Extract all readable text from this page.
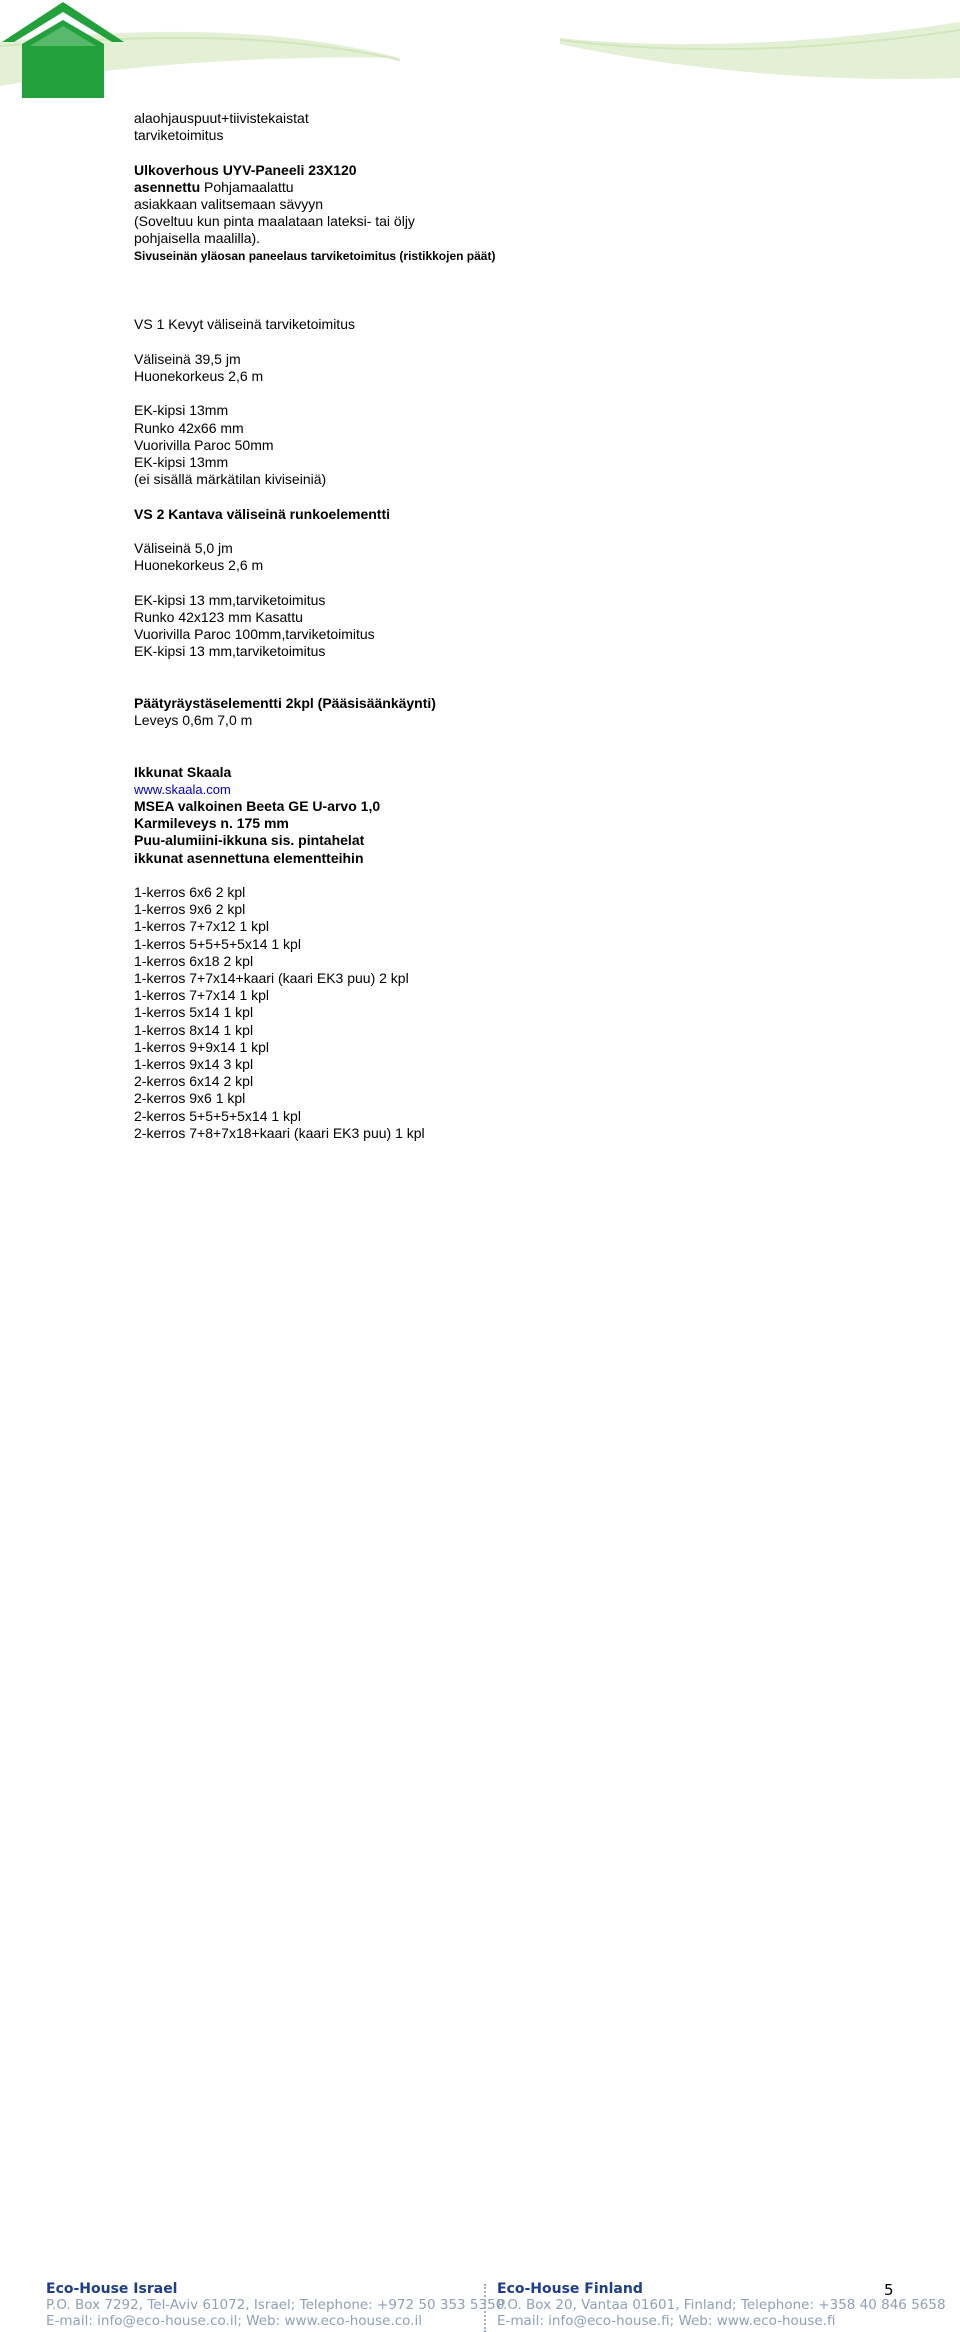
ECO
HOUSE
alaohjauspuut+tiivistekaistat
tarviketoimitus
Ulkoverhous UYV-Paneeli 23X120
asennettu Pohjamaalattu
asiakkaan valitsemaan sävyyn
(Soveltuu kun pinta maalataan lateksi- tai öljy
pohjaisella maalilla).
Sivuseinän yläosan paneelaus tarviketoimitus (ristikkojen päät)
VS 1 Kevyt väliseinä tarviketoimitus
Väliseinä 39,5 jm
Huonekorkeus 2,6 m
EK-kipsi 13mm
Runko 42x66 mm
Vuorivilla Paroc 50mm
EK-kipsi 13mm
(ei sisällä märkätilan kiviseiniä)
VS 2 Kantava väliseinä runkoelementti
Väliseinä 5,0 jm
Huonekorkeus 2,6 m
EK-kipsi 13 mm,tarviketoimitus
Runko 42x123 mm Kasattu
Vuorivilla Paroc 100mm,tarviketoimitus
EK-kipsi 13 mm,tarviketoimitus
Päätyräystäselementti 2kpl (Pääsisäänkäynti)
Leveys 0,6m 7,0 m
Ikkunat Skaala
www.skaala.com
MSEA valkoinen Beeta GE U-arvo 1,0
Karmileveys n. 175 mm
Puu-alumiini-ikkuna sis. pintahelat
ikkunat asennettuna elementteihin
1-kerros 6x6 2 kpl
1-kerros 9x6 2 kpl
1-kerros 7+7x12 1 kpl
1-kerros 5+5+5+5x14 1 kpl
1-kerros 6x18 2 kpl
1-kerros 7+7x14+kaari (kaari EK3 puu) 2 kpl
1-kerros 7+7x14 1 kpl
1-kerros 5x14 1 kpl
1-kerros 8x14 1 kpl
1-kerros 9+9x14 1 kpl
1-kerros 9x14 3 kpl
2-kerros 6x14 2 kpl
2-kerros 9x6 1 kpl
2-kerros 5+5+5+5x14 1 kpl
2-kerros 7+8+7x18+kaari (kaari EK3 puu) 1 kpl
Eco-House Israel
P.O. Box 7292, Tel-Aviv 61072, Israel; Telephone: +972 50 353 5350
E-mail: info@eco-house.co.il; Web: www.eco-house.co.il
Eco-House Finland
P.O. Box 20, Vantaa 01601, Finland; Telephone: +358 40 846 5658
E-mail: info@eco-house.fi; Web: www.eco-house.fi
5
